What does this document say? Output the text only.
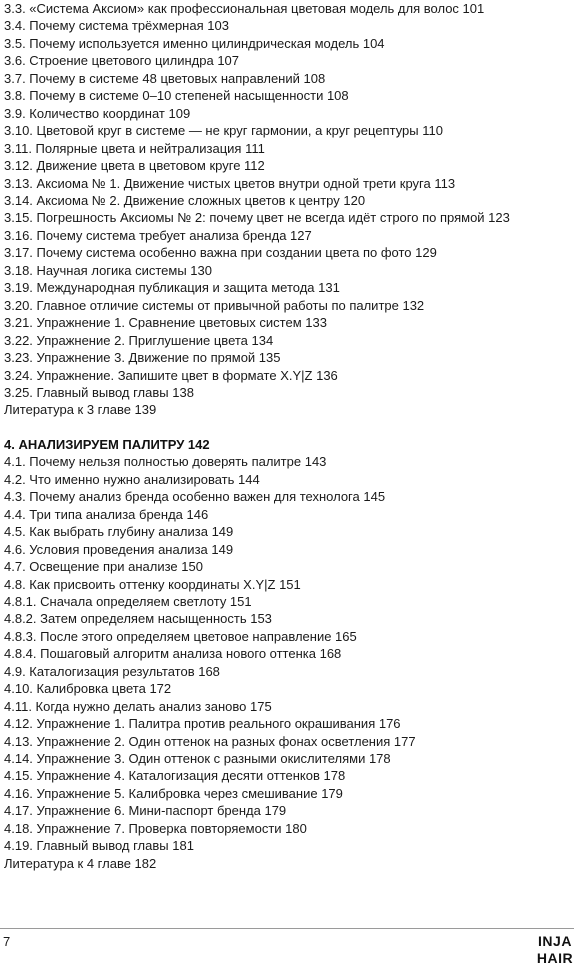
3.3. «Система Аксиом» как профессиональная цветовая модель для волос 101
3.4. Почему система трёхмерная 103
3.5. Почему используется именно цилиндрическая модель 104
3.6. Строение цветового цилиндра 107
3.7. Почему в системе 48 цветовых направлений 108
3.8. Почему в системе 0–10 степеней насыщенности 108
3.9. Количество координат 109
3.10. Цветовой круг в системе — не круг гармонии, а круг рецептуры 110
3.11. Полярные цвета и нейтрализация 111
3.12. Движение цвета в цветовом круге 112
3.13. Аксиома № 1. Движение чистых цветов внутри одной трети круга 113
3.14. Аксиома № 2. Движение сложных цветов к центру 120
3.15. Погрешность Аксиомы № 2: почему цвет не всегда идёт строго по прямой 123
3.16. Почему система требует анализа бренда 127
3.17. Почему система особенно важна при создании цвета по фото 129
3.18. Научная логика системы 130
3.19. Международная публикация и защита метода 131
3.20. Главное отличие системы от привычной работы по палитре 132
3.21. Упражнение 1. Сравнение цветовых систем 133
3.22. Упражнение 2. Приглушение цвета 134
3.23. Упражнение 3. Движение по прямой 135
3.24. Упражнение. Запишите цвет в формате X.Y|Z 136
3.25. Главный вывод главы 138
Литература к 3 главе 139
4. АНАЛИЗИРУЕМ ПАЛИТРУ 142
4.1. Почему нельзя полностью доверять палитре 143
4.2. Что именно нужно анализировать 144
4.3. Почему анализ бренда особенно важен для технолога 145
4.4. Три типа анализа бренда 146
4.5. Как выбрать глубину анализа 149
4.6. Условия проведения анализа 149
4.7. Освещение при анализе 150
4.8. Как присвоить оттенку координаты X.Y|Z 151
4.8.1. Сначала определяем светлоту 151
4.8.2. Затем определяем насыщенность 153
4.8.3. После этого определяем цветовое направление 165
4.8.4. Пошаговый алгоритм анализа нового оттенка 168
4.9. Каталогизация результатов 168
4.10. Калибровка цвета 172
4.11. Когда нужно делать анализ заново 175
4.12. Упражнение 1. Палитра против реального окрашивания 176
4.13. Упражнение 2. Один оттенок на разных фонах осветления 177
4.14. Упражнение 3. Один оттенок с разными окислителями 178
4.15. Упражнение 4. Каталогизация десяти оттенков 178
4.16. Упражнение 5. Калибровка через смешивание 179
4.17. Упражнение 6. Мини-паспорт бренда 179
4.18. Упражнение 7. Проверка повторяемости 180
4.19. Главный вывод главы 181
Литература к 4 главе 182
7	INJA
HAIR
